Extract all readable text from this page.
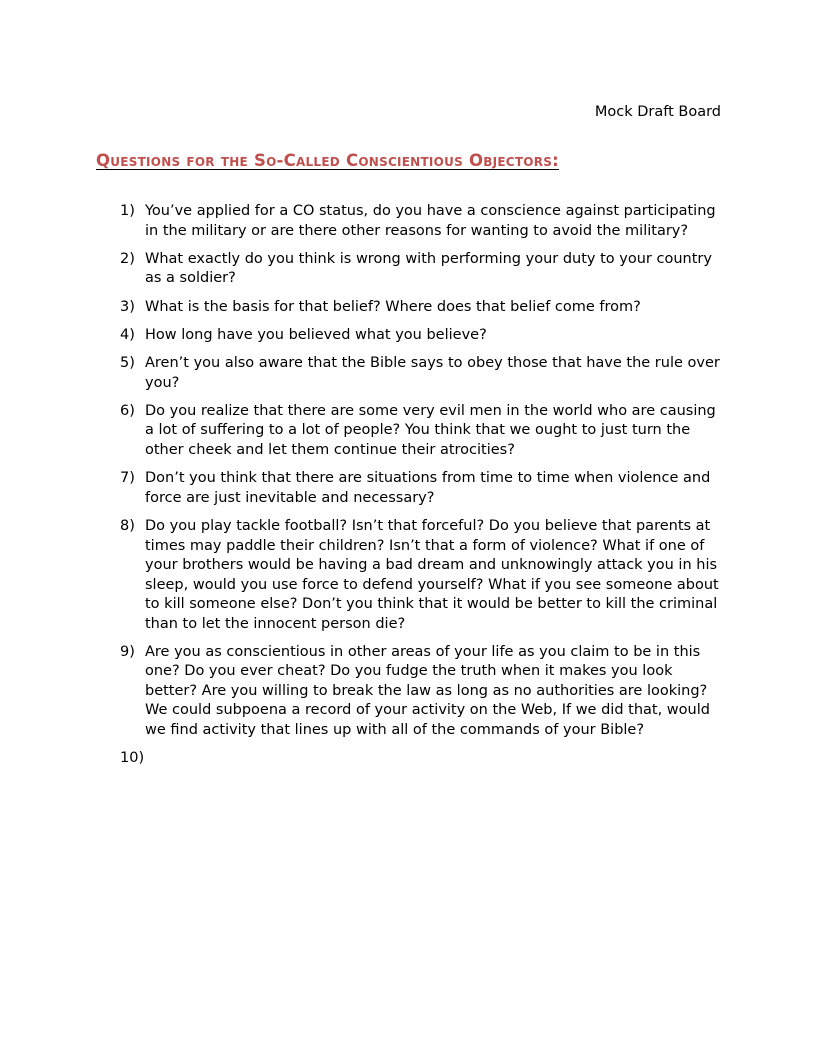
Mock Draft Board
Questions for the So-Called Conscientious Objectors:
1) You’ve applied for a CO status, do you have a conscience against participating in the military or are there other reasons for wanting to avoid the military?
2) What exactly do you think is wrong with performing your duty to your country as a soldier?
3) What is the basis for that belief? Where does that belief come from?
4) How long have you believed what you believe?
5) Aren’t you also aware that the Bible says to obey those that have the rule over you?
6) Do you realize that there are some very evil men in the world who are causing a lot of suffering to a lot of people? You think that we ought to just turn the other cheek and let them continue their atrocities?
7) Don’t you think that there are situations from time to time when violence and force are just inevitable and necessary?
8) Do you play tackle football? Isn’t that forceful? Do you believe that parents at times may paddle their children? Isn’t that a form of violence? What if one of your brothers would be having a bad dream and unknowingly attack you in his sleep, would you use force to defend yourself? What if you see someone about to kill someone else? Don’t you think that it would be better to kill the criminal than to let the innocent person die?
9) Are you as conscientious in other areas of your life as you claim to be in this one? Do you ever cheat? Do you fudge the truth when it makes you look better? Are you willing to break the law as long as no authorities are looking? We could subpoena a record of your activity on the Web, If we did that, would we find activity that lines up with all of the commands of your Bible?
10)
